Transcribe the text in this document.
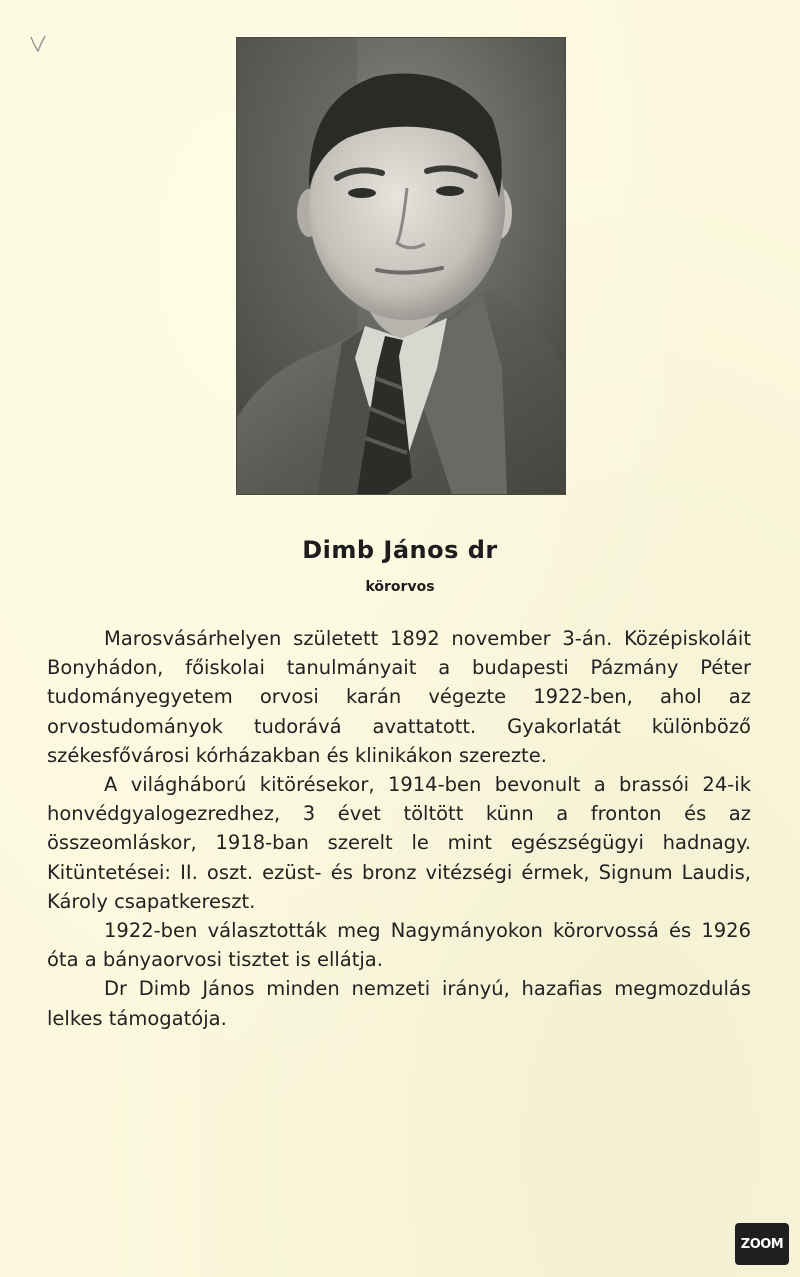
Dimb János dr
körorvos

Marosvásárhelyen született 1892 november 3-án. Középiskoláit Bonyhádon, főiskolai tanulmányait a budapesti Pázmány Péter tudományegyetem orvosi karán végezte 1922-ben, ahol az orvostudományok tudorává avattatott. Gyakorlatát különböző székesfővárosi kórházakban és klinikákon szerezte.

A világháború kitörésekor, 1914-ben bevonult a brassói 24-ik honvédgyalogezredhez, 3 évet töltött künn a fronton és az összeomláskor, 1918-ban szerelt le mint egészségügyi hadnagy. Kitüntetései: II. oszt. ezüst- és bronz vitézségi érmek, Signum Laudis, Károly csapatkereszt.

1922-ben választották meg Nagymányokon körorvossá és 1926 óta a bányaorvosi tisztet is ellátja.

Dr Dimb János minden nemzeti irányú, hazafias megmozdulás lelkes támogatója.

ZOOM
